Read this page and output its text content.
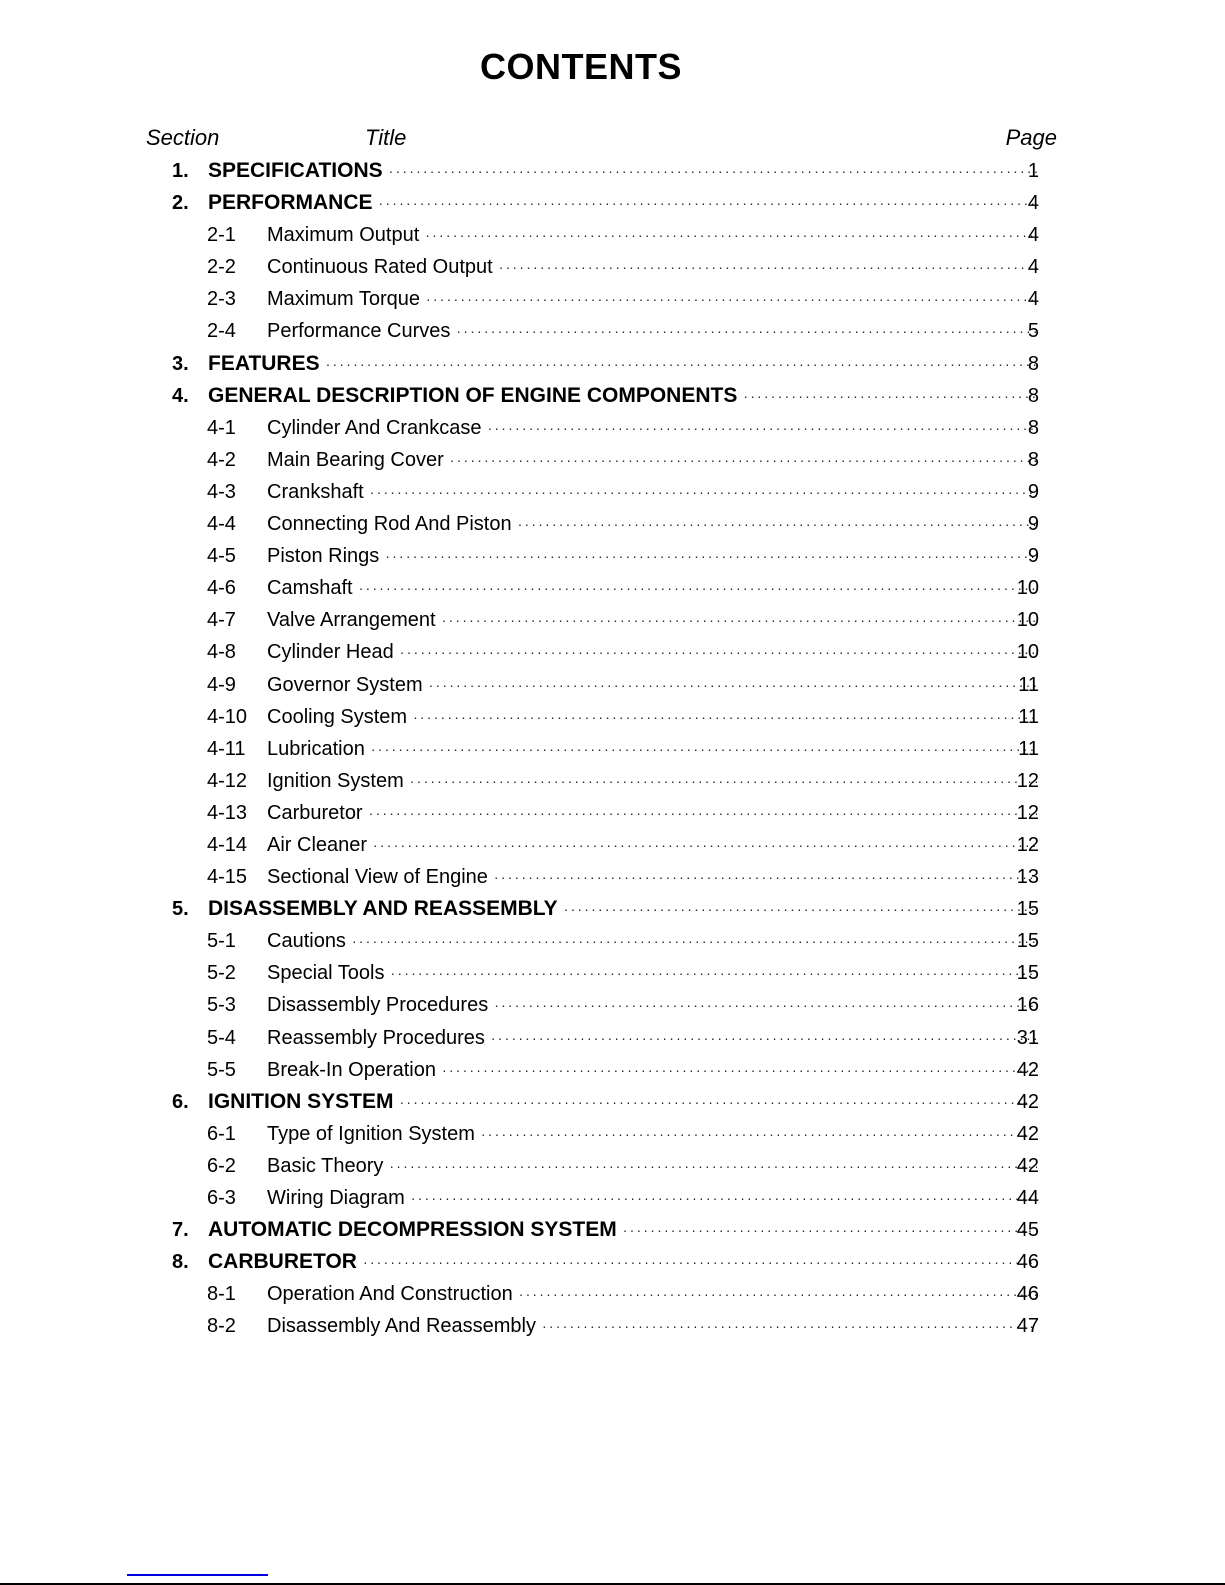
CONTENTS
Section	Title	Page
1. SPECIFICATIONS ·····	1
2. PERFORMANCE ·····	4
2-1 Maximum Output ·····	4
2-2 Continuous Rated Output ·····	4
2-3 Maximum Torque ·····	4
2-4 Performance Curves ·····	5
3. FEATURES ·····	8
4. GENERAL DESCRIPTION OF ENGINE COMPONENTS ·····	8
4-1 Cylinder And Crankcase ·····	8
4-2 Main Bearing Cover ·····	8
4-3 Crankshaft ·····	9
4-4 Connecting Rod And Piston ·····	9
4-5 Piston Rings ·····	9
4-6 Camshaft ·····	10
4-7 Valve Arrangement ·····	10
4-8 Cylinder Head ·····	10
4-9 Governor System ·····	11
4-10 Cooling System ·····	11
4-11 Lubrication ·····	11
4-12 Ignition System ·····	12
4-13 Carburetor ·····	12
4-14 Air Cleaner ·····	12
4-15 Sectional View of Engine ·····	13
5. DISASSEMBLY AND REASSEMBLY ·····	15
5-1 Cautions ·····	15
5-2 Special Tools ·····	15
5-3 Disassembly Procedures ·····	16
5-4 Reassembly Procedures ·····	31
5-5 Break-In Operation ·····	42
6. IGNITION SYSTEM ·····	42
6-1 Type of Ignition System ·····	42
6-2 Basic Theory ·····	42
6-3 Wiring Diagram ·····	44
7. AUTOMATIC DECOMPRESSION SYSTEM ·····	45
8. CARBURETOR ·····	46
8-1 Operation And Construction ·····	46
8-2 Disassembly And Reassembly ·····	47
